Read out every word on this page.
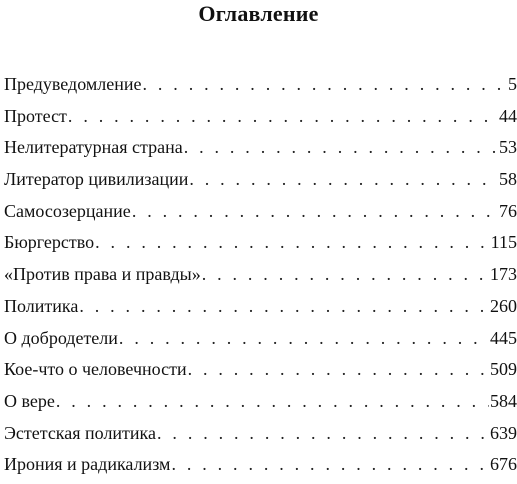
Оглавление
Предуведомление . . .	5
Протест . . .	44
Нелитературная страна . . .	53
Литератор цивилизации . . .	58
Самосозерцание . . .	76
Бюргерство . . .	115
«Против права и правды» . . .	173
Политика . . .	260
О добродетели . . .	445
Кое-что о человечности . . .	509
О вере . . .	584
Эстетская политика . . .	639
Ирония и радикализм . . .	676
